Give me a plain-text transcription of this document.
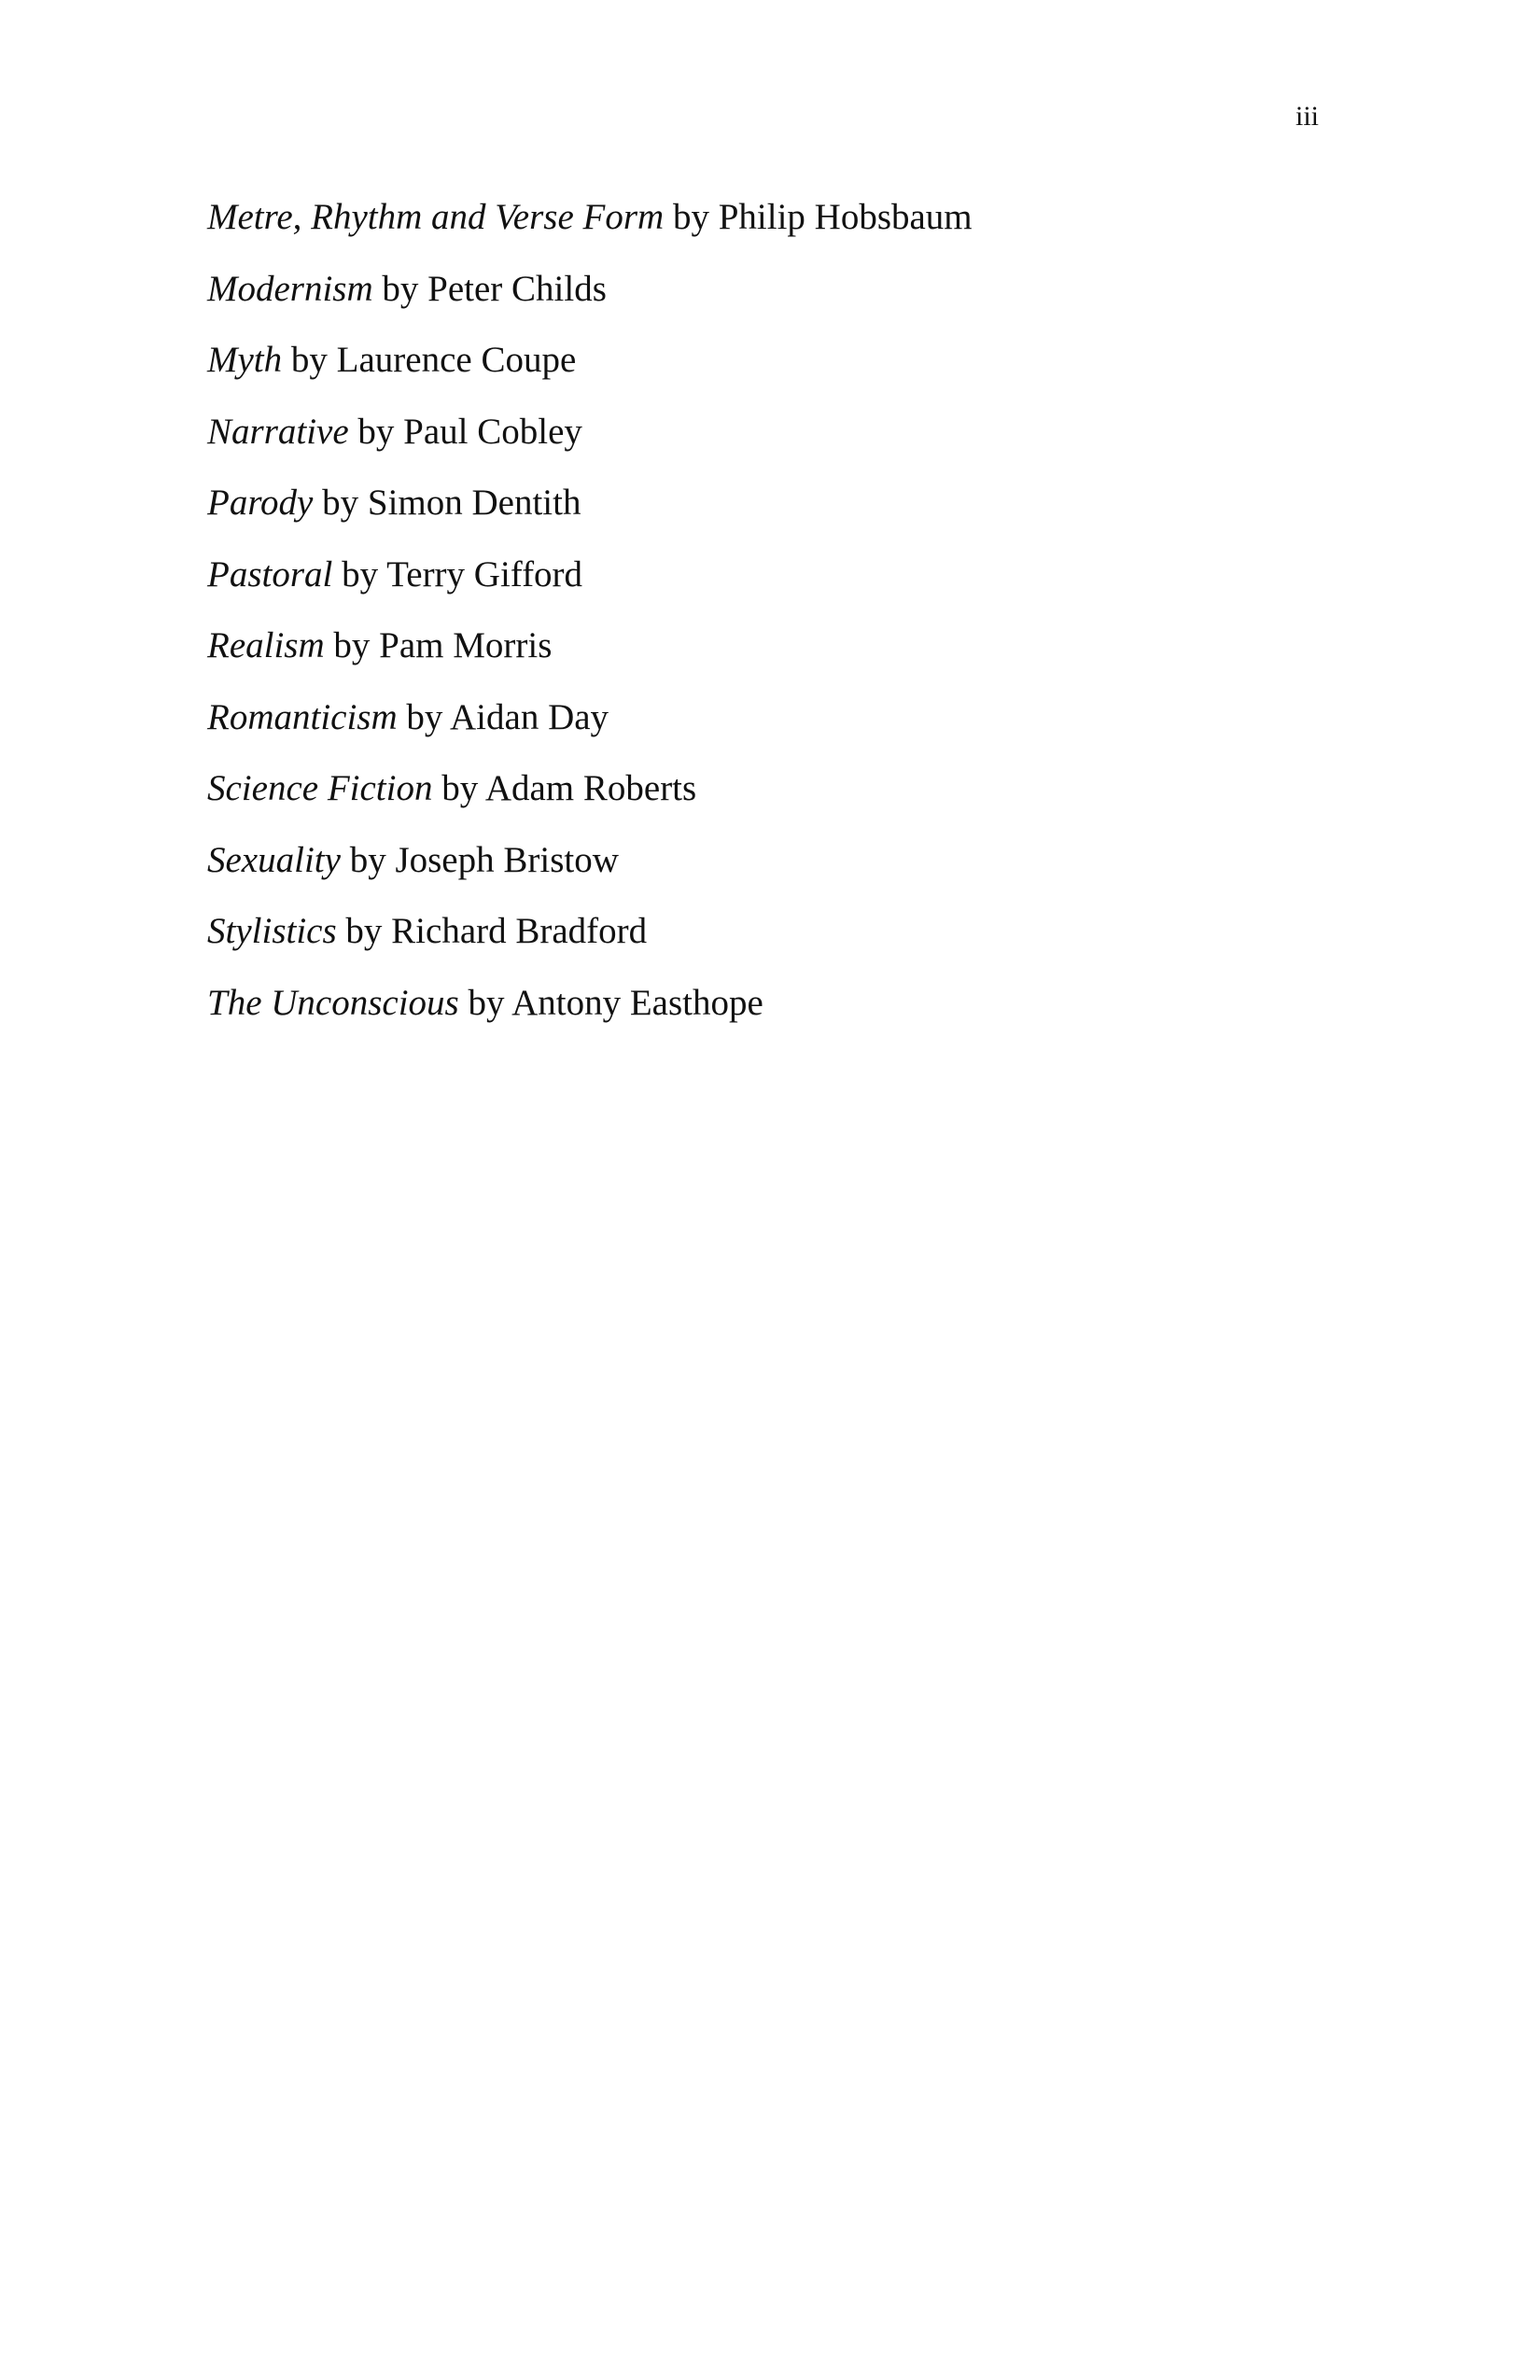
iii
Metre, Rhythm and Verse Form by Philip Hobsbaum
Modernism by Peter Childs
Myth by Laurence Coupe
Narrative by Paul Cobley
Parody by Simon Dentith
Pastoral by Terry Gifford
Realism by Pam Morris
Romanticism by Aidan Day
Science Fiction by Adam Roberts
Sexuality by Joseph Bristow
Stylistics by Richard Bradford
The Unconscious by Antony Easthope
